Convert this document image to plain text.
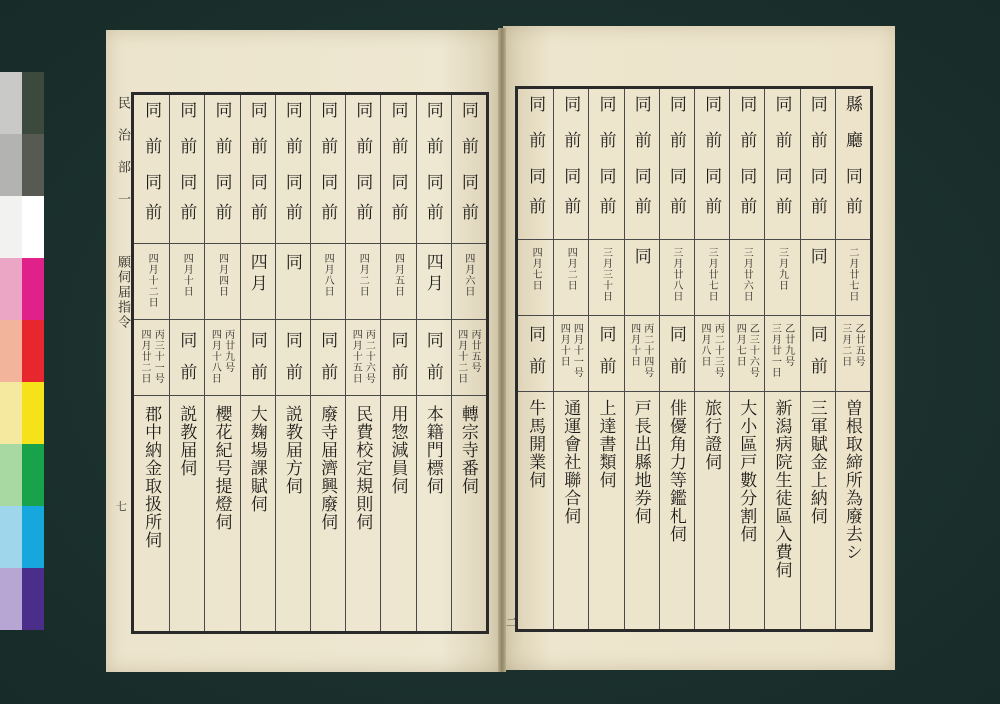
民 治 部 一  願伺届指令
七
二
同
前
同
前
四月六日
丙廿五号
四月十二日
轉宗寺番伺
同
前
同
前
四月
同
前
本籍門標伺
同
前
同
前
四月五日
同
前
用惣減員伺
同
前
同
前
四月二日
丙二十六号
四月十五日
民費校定規則伺
同
前
同
前
四月八日
同
前
廢寺届濟興廢伺
同
前
同
前
同
同
前
説教届方伺
同
前
同
前
四月
同
前
大麹場課賦伺
同
前
同
前
四月四日
丙廿九号
四月十八日
櫻花紀号提燈伺
同
前
同
前
四月十日
同
前
説教届伺
同
前
同
前
四月十二日
丙三十一号
四月廿二日
郡中納金取扱所伺
縣
廳
同
前
二月廿七日
乙廿五号
三月二日
曽根取締所為廢去シ
同
前
同
前
同
同
前
三軍賦金上納伺
同
前
同
前
三月九日
乙廿九号
三月廿一日
新潟病院生徒區入費伺
同
前
同
前
三月廿六日
乙三十六号
四月七日
大小區戸數分割伺
同
前
同
前
三月廿七日
丙二十三号
四月八日
旅行證伺
同
前
同
前
三月廿八日
同
前
俳優角力等鑑札伺
同
前
同
前
同
丙二十四号
四月十日
戸長出縣地券伺
同
前
同
前
三月三十日
同
前
上達書類伺
同
前
同
前
四月二日
四月十一号
四月十日
通運會社聯合伺
同
前
同
前
四月七日
同
前
牛馬開業伺
